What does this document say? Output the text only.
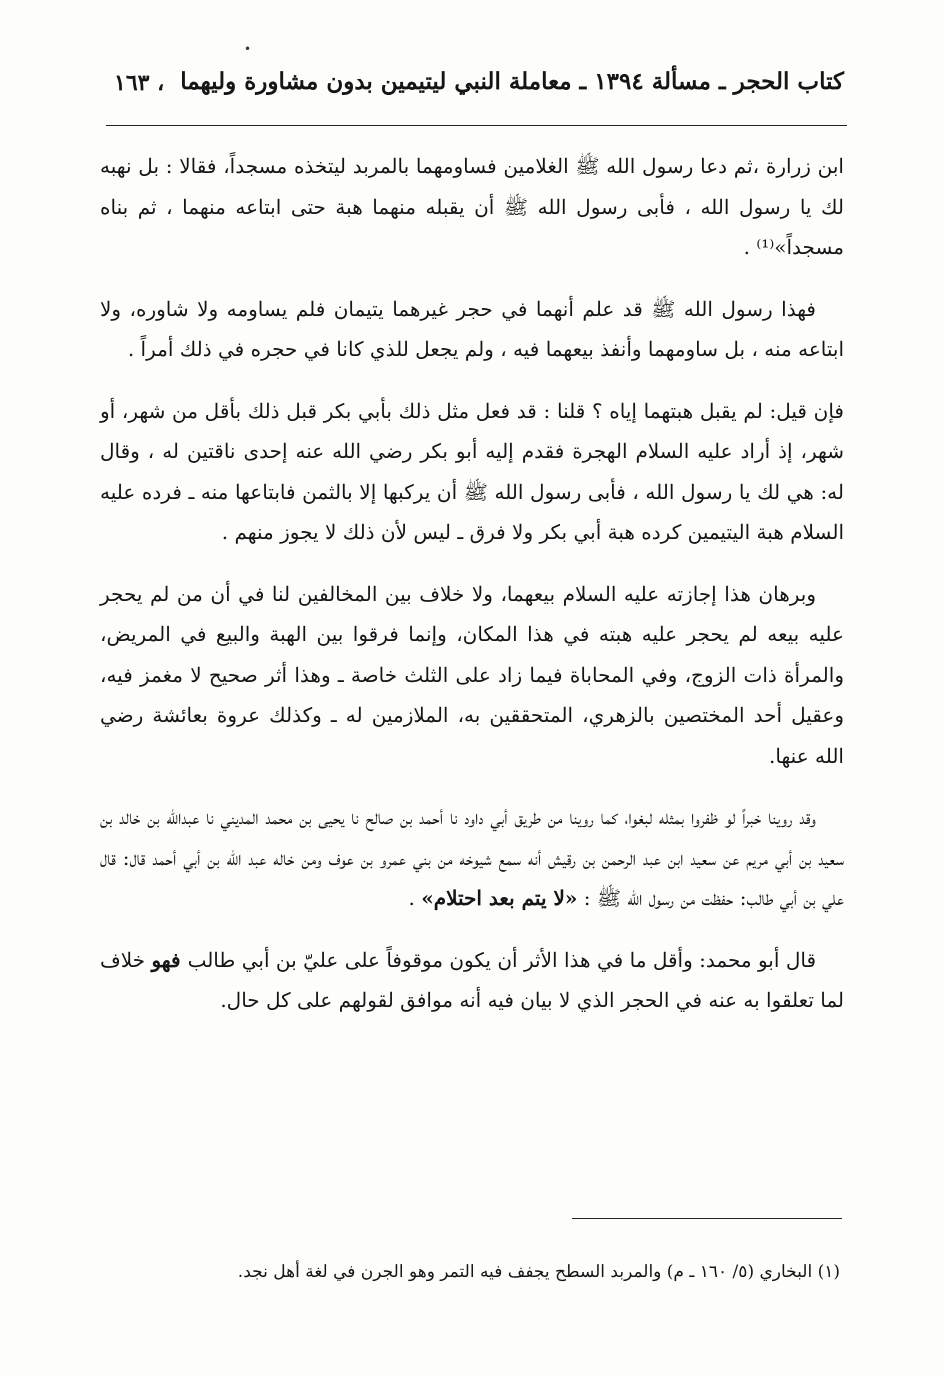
كتاب الحجر ـ مسألة ١٣٩٤ ـ معاملة النبي ليتيمين بدون مشاورة وليهما
، ١٦٣
•

ابن زرارة ،ثم دعا رسول الله ﷺ الغلامين فساومهما بالمربد ليتخذه مسجداً، فقالا : بل نهبه لك يا رسول الله ، فأبى رسول الله ﷺ أن يقبله منهما هبة حتى ابتاعه منهما ، ثم بناه مسجداً»⁽¹⁾ .

فهذا رسول الله ﷺ قد علم أنهما في حجر غيرهما يتيمان فلم يساومه ولا شاوره، ولا ابتاعه منه ، بل ساومهما وأنفذ بيعهما فيه ، ولم يجعل للذي كانا في حجره في ذلك أمراً .

فإن قيل: لم يقبل هبتهما إياه ؟ قلنا : قد فعل مثل ذلك بأبي بكر قبل ذلك بأقل من شهر، أو شهر، إذ أراد عليه السلام الهجرة فقدم إليه أبو بكر رضي الله عنه إحدى ناقتين له ، وقال له: هي لك يا رسول الله ، فأبى رسول الله ﷺ أن يركبها إلا بالثمن فابتاعها منه ـ فرده عليه السلام هبة اليتيمين كرده هبة أبي بكر ولا فرق ـ ليس لأن ذلك لا يجوز منهم .

وبرهان هذا إجازته عليه السلام بيعهما، ولا خلاف بين المخالفين لنا في أن من لم يحجر عليه بيعه لم يحجر عليه هبته في هذا المكان، وإنما فرقوا بين الهبة والبيع في المريض، والمرأة ذات الزوج، وفي المحاباة فيما زاد على الثلث خاصة ـ وهذا أثر صحيح لا مغمز فيه، وعقيل أحد المختصين بالزهري، المتحققين به، الملازمين له ـ وكذلك عروة بعائشة رضي الله عنها.

وقد روينا خبراً لو ظفروا بمثله لبغوا، كما روينا من طريق أبي داود نا أحمد بن صالح نا يحيى بن محمد المديني نا عبدالله بن خالد بن سعيد بن أبي مريم عن سعيد ابن عبد الرحمن بن رقيش أنه سمع شيوخه من بني عمرو بن عوف ومن خاله عبد الله بن أبي أحمد قال: قال علي بن أبي طالب: حفظت من رسول الله ﷺ : «لا يتم بعد احتلام» .

قال أبو محمد: وأقل ما في هذا الأثر أن يكون موقوفاً على عليّ بن أبي طالب فهو خلاف لما تعلقوا به عنه في الحجر الذي لا بيان فيه أنه موافق لقولهم على كل حال.

(١) البخاري (٥/ ١٦٠ ـ م) والمربد السطح يجفف فيه التمر وهو الجرن في لغة أهل نجد.
